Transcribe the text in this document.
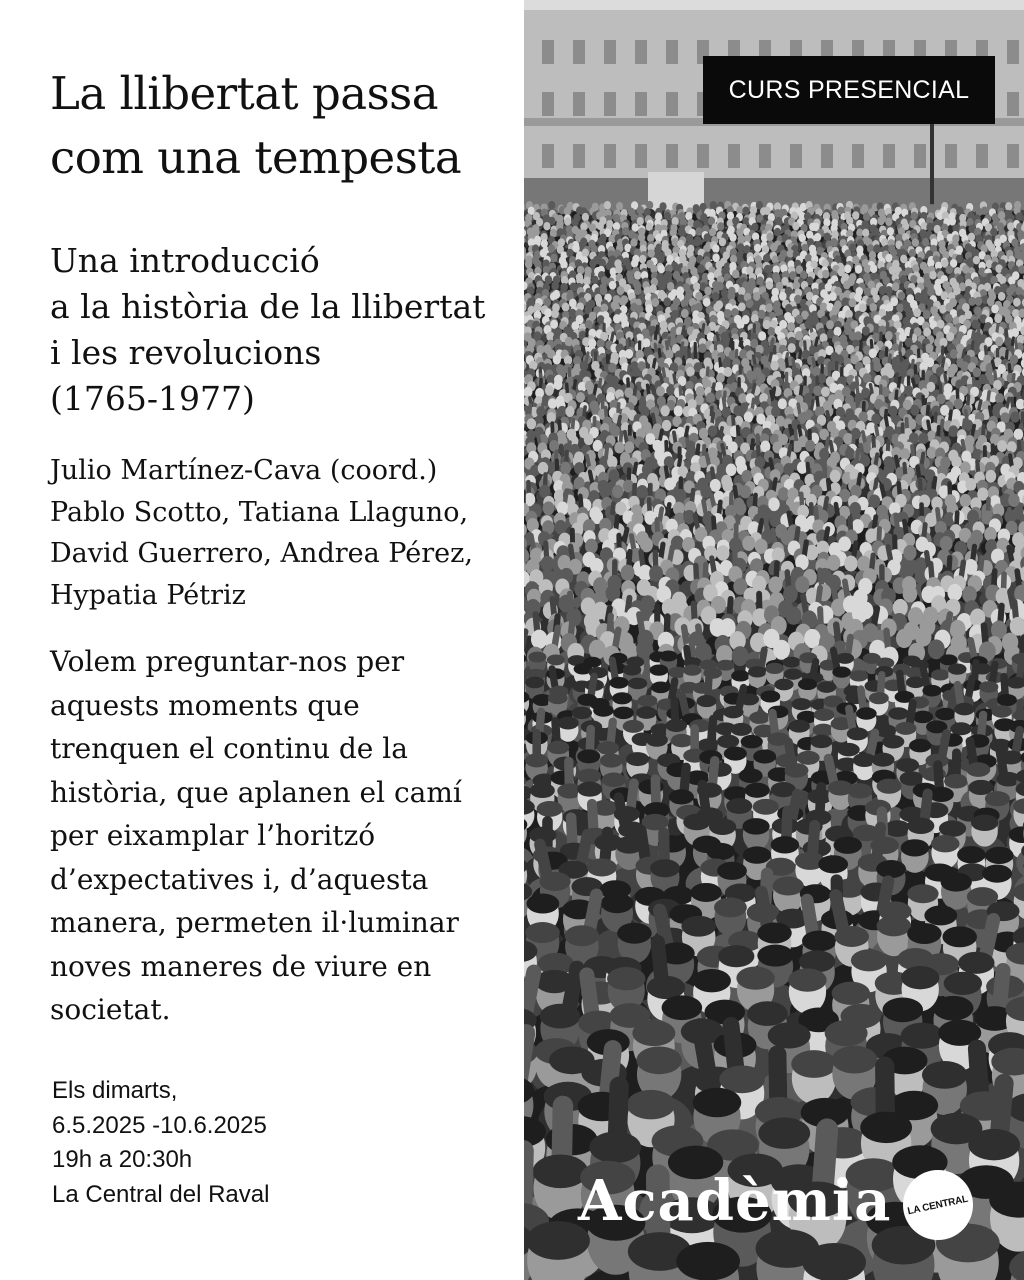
La llibertat passa
com una tempesta
Una introducció
a la història de la llibertat
i les revolucions
(1765-1977)
Julio Martínez-Cava (coord.)
Pablo Scotto, Tatiana Llaguno,
David Guerrero, Andrea Pérez,
Hypatia Pétriz
Volem preguntar-nos per
aquests moments que
trenquen el continu de la
història, que aplanen el camí
per eixamplar l’horitzó
d’expectatives i, d’aquesta
manera, permeten il·luminar
noves maneres de viure en
societat.
Els dimarts,
6.5.2025 -10.6.2025
19h a 20:30h
La Central del Raval
CURS PRESENCIAL
Acadèmia LA CENTRAL
